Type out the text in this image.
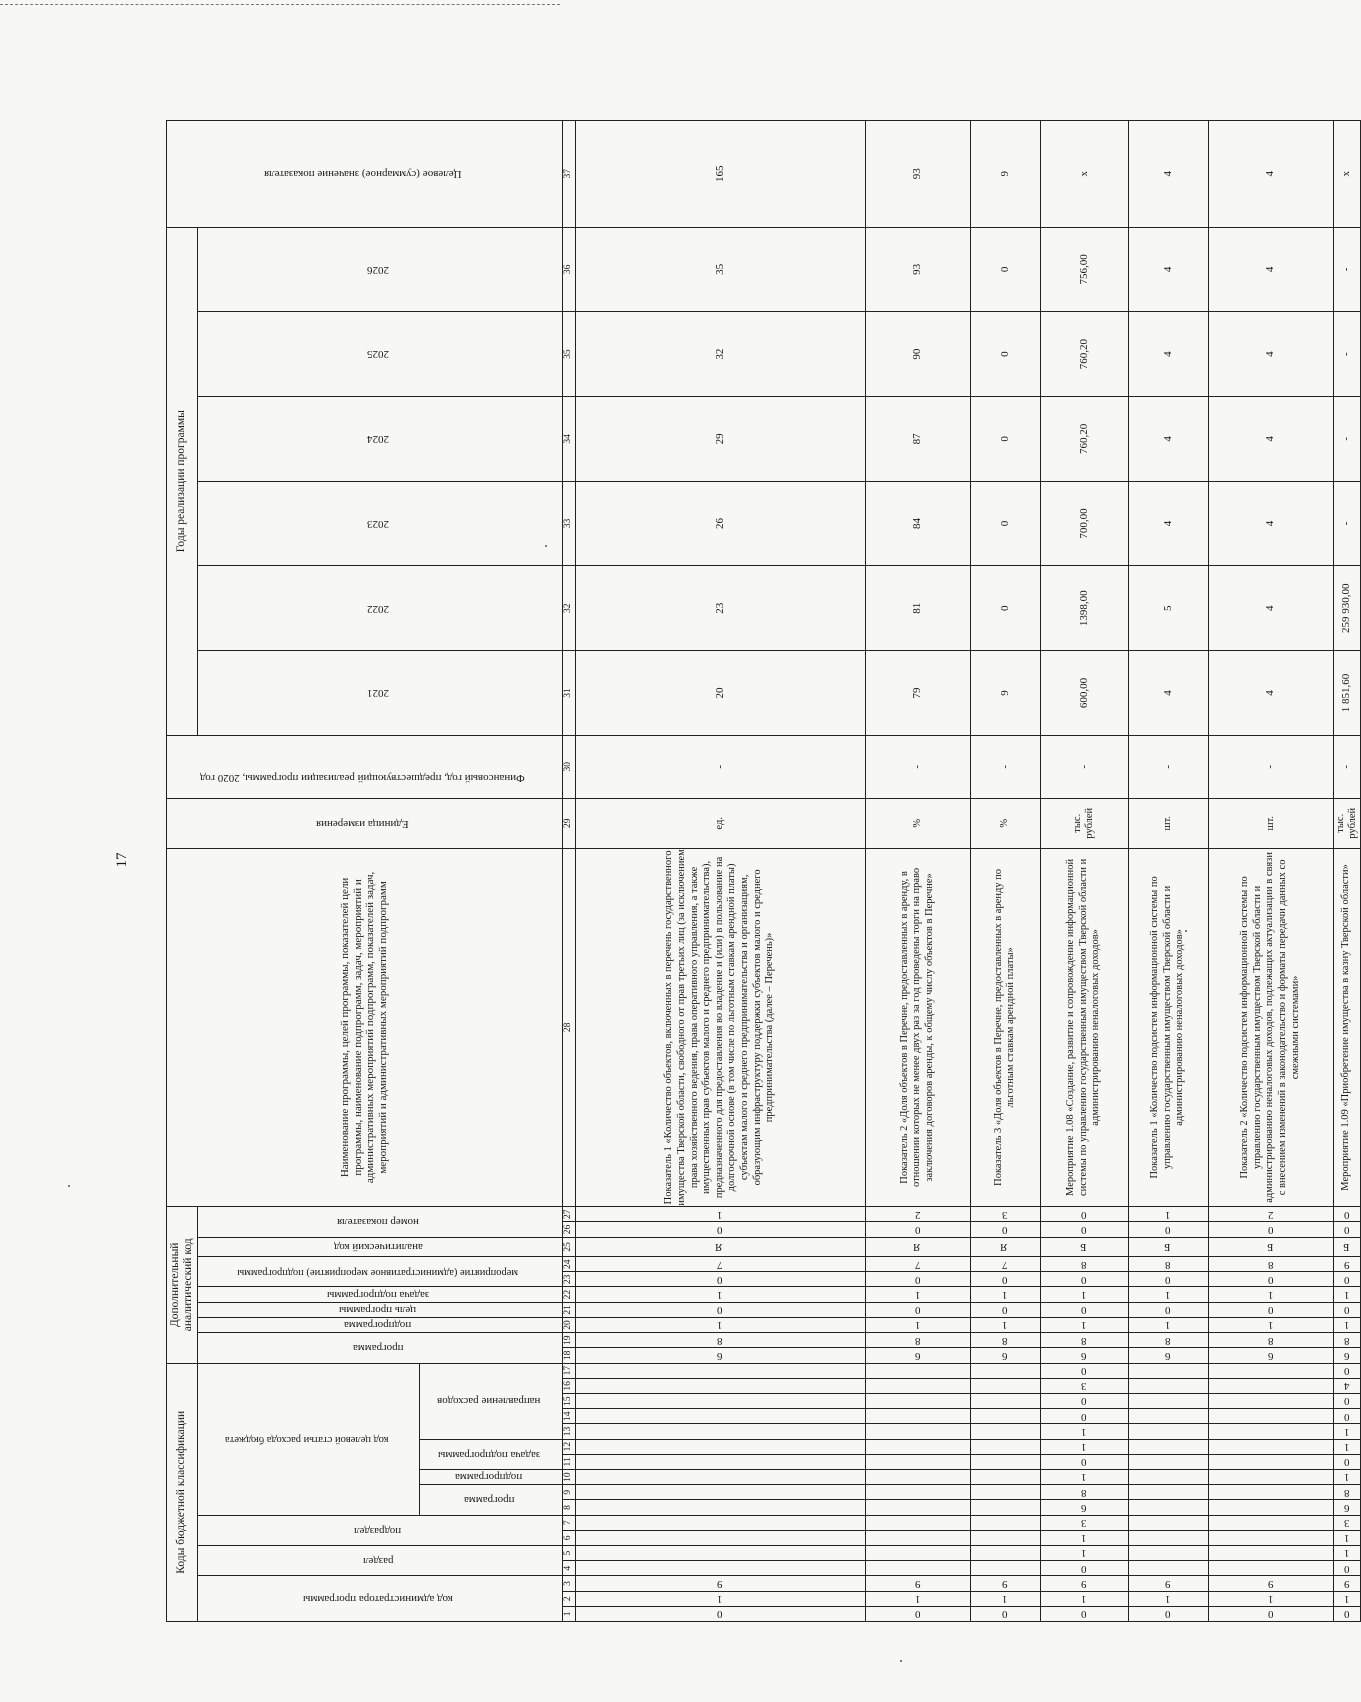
17
Коды бюджетной классификации																	Дополнительный аналитический код										Наименование программы, целей программы, показателей цели программы, наименование подпрограмм, задач, мероприятий и административных мероприятий подпрограмм, показателей задач, мероприятий и административных мероприятий подпрограмм	Единица измерения	Финансовый год, предшествующий реализации программы, 2020 год	Годы реализации программы						Целевое (суммарное) значение показателя
код администратора программы			раздел		подраздел		код целевой статьи расхода бюджета										программа		подпрограмма	цель программы	задача подпрограммы	мероприятие (административное мероприятие) подпрограммы		аналитический код	номер показателя					2021	2022	2023	2024	2025	2026	
							программа		подпрограмма	задача подпрограммы		направление расходов																								

1	2	3	4	5	6	7	8	9	10	11	12	13	14	15	16	17	18	19	20	21	22	23	24	25	26	27	28	29	30	31	32	33	34	35	36	37
0	1	9															6	8	1	0	1	0	7	Я	0	1	Показатель 1 «Количество объектов, включенных в перечень государственного имущества Тверской области, свободного от прав третьих лиц (за исключением права хозяйственного ведения, права оперативного управления, а также имущественных прав субъектов малого и среднего предпринимательства), предназначенного для предоставления во владение и (или) в пользование на долгосрочной основе (в том числе по льготным ставкам арендной платы) субъектам малого и среднего предпринимательства и организациям, образующим инфраструктуру поддержки субъектов малого и среднего предпринимательства (далее – Перечень)»	ед.	-	20	23	26	29	32	35	165
0	1	9															6	8	1	0	1	0	7	Я	0	2	Показатель 2 «Доля объектов в Перечне, предоставленных в аренду, в отношении которых не менее двух раз за год проведены торги на право заключения договоров аренды, к общему числу объектов в Перечне»	%	-	79	81	84	87	90	93	93
0	1	9															6	8	1	0	1	0	7	Я	0	3	Показатель 3 «Доля объектов в Перечне, предоставленных в аренду по льготным ставкам арендной платы»	%	-	9	0	0	0	0	0	9
0	1	9	0	1	1	3	6	8	1	0	1	1	0	0	3	0	6	8	1	0	1	0	8	Б	0	0	Мероприятие 1.08 «Создание, развитие и сопровождение информационной системы по управлению государственным имуществом Тверской области и администрированию неналоговых доходов»	тыс. рублей	-	600,00	1398,00	700,00	760,20	760,20	756,00	x
0	1	9															6	8	1	0	1	0	8	Б	0	1	Показатель 1 «Количество подсистем информационной системы по управлению государственным имуществом Тверской области и администрированию неналоговых доходов»	шт.	-	4	5	4	4	4	4	4
0	1	9															6	8	1	0	1	0	8	Б	0	2	Показатель 2 «Количество подсистем информационной системы по управлению государственным имуществом Тверской области и администрированию неналоговых доходов, подлежащих актуализации в связи с внесением изменений в законодательство и форматы передачи данных со смежными системами»	шт.	-	4	4	4	4	4	4	4
0	1	9	0	1	1	3	6	8	1	0	1	1	0	0	4	0	6	8	1	0	1	0	9	Б	0	0	Мероприятие 1.09 «Приобретение имущества в казну Тверской области»	тыс. рублей	-	1 851,60	259 930,00	-	-	-	-	x
